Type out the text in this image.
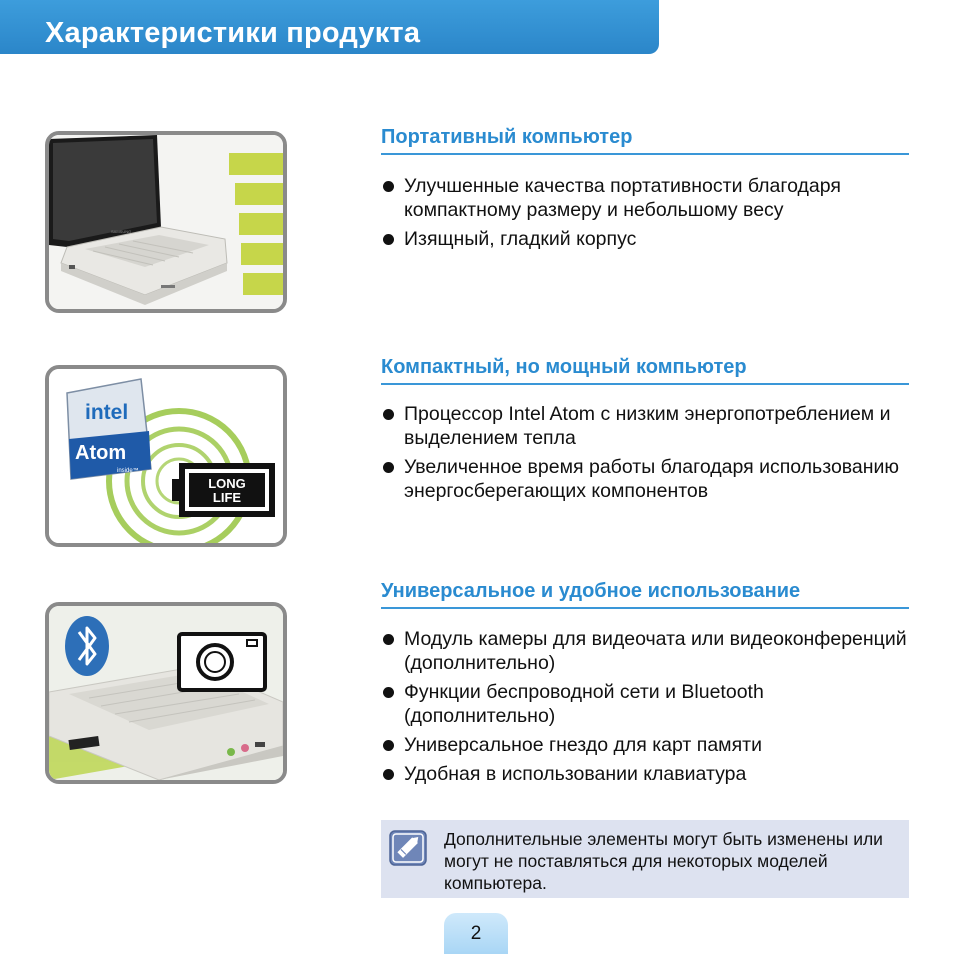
Характеристики продукта
SAMSUNG
intel
Atom
inside™
LONG
LIFE
Портативный компьютер
Улучшенные качества портативности благодаря компактному размеру и небольшому весу
Изящный, гладкий корпус
Компактный, но мощный компьютер
Процессор Intel Atom с низким энергопотреблением и выделением тепла
Увеличенное время работы благодаря использованию энергосберегающих компонентов
Универсальное и удобное использование
Модуль камеры для видеочата или видеоконференций (дополнительно)
Функции беспроводной сети и Bluetooth (дополнительно)
Универсальное гнездо для карт памяти
Удобная в использовании клавиатура
Дополнительные элементы могут быть изменены или могут не поставляться для некоторых моделей компьютера.
2
